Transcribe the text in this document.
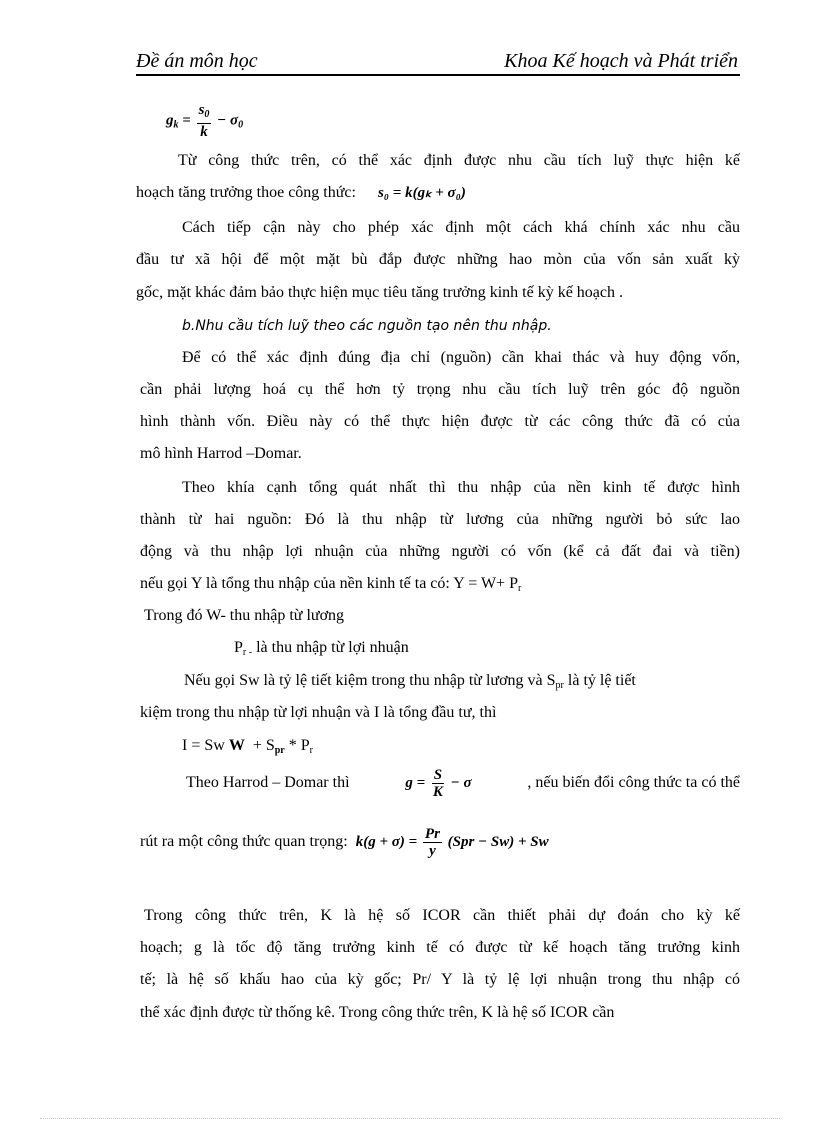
Đề án môn học	Khoa Kế hoạch và Phát triển
$g_k = \frac{s_0}{k} - \sigma_0$
Từ công thức trên, có thể xác định được nhu cầu tích luỹ thực hiện kế
hoạch tăng trưởng thoe công thức: s₀ = k(gₖ + σ₀)
Cách tiếp cận này cho phép xác định một cách khá chính xác nhu cầu
đầu tư xã hội để một mặt bù đắp được những hao mòn của vốn sản xuất kỳ
gốc, mặt khác đảm bảo thực hiện mục tiêu tăng trưởng kinh tế kỳ kế hoạch .
b.Nhu cầu tích luỹ theo các nguồn tạo nên thu nhập.
Để có thể xác định đúng địa chỉ (nguồn) cần khai thác và huy động vốn,
cần phải lượng hoá cụ thể hơn tỷ trọng nhu cầu tích luỹ trên góc độ nguồn
hình thành vốn. Điều này có thể thực hiện được từ các công thức đã có của
mô hình Harrod –Domar.
Theo khía cạnh tổng quát nhất thì thu nhập của nền kinh tế được hình
thành từ hai nguồn: Đó là thu nhập từ lương của những người bỏ sức lao
động và thu nhập lợi nhuận của những người có vốn (kể cả đất đai và tiền)
nếu gọi Y là tổng thu nhập của nền kinh tế ta có: $Y = W+ P_r$
Trong đó W- thu nhập từ lương
$P_{r -}$ là thu nhập từ lợi nhuận
Nếu gọi Sw là tỷ lệ tiết kiệm trong thu nhập từ lương và $S_{pr}$ là tỷ lệ tiết
kiệm trong thu nhập từ lợi nhuận và I là tổng đầu tư, thì
I = Sw $W + S_{pr} * P_r$
Theo Harrod – Domar thì	$g = \frac{S}{K} - \sigma$	, nếu biến đổi công thức ta có thể
rút ra một công thức quan trọng: $k(g + \sigma) = \frac{Pr}{y} (Spr - Sw) + Sw$
Trong công thức trên, K là hệ số ICOR cần thiết phải dự đoán cho kỳ kế
hoạch; g là tốc độ tăng trưởng kinh tế có được từ kế hoạch tăng trưởng kinh
tế; là hệ số khấu hao của kỳ gốc; Pr/ Y là tỷ lệ lợi nhuận trong thu nhập có
thể xác định được từ thống kê. Trong công thức trên, K là hệ số ICOR cần
